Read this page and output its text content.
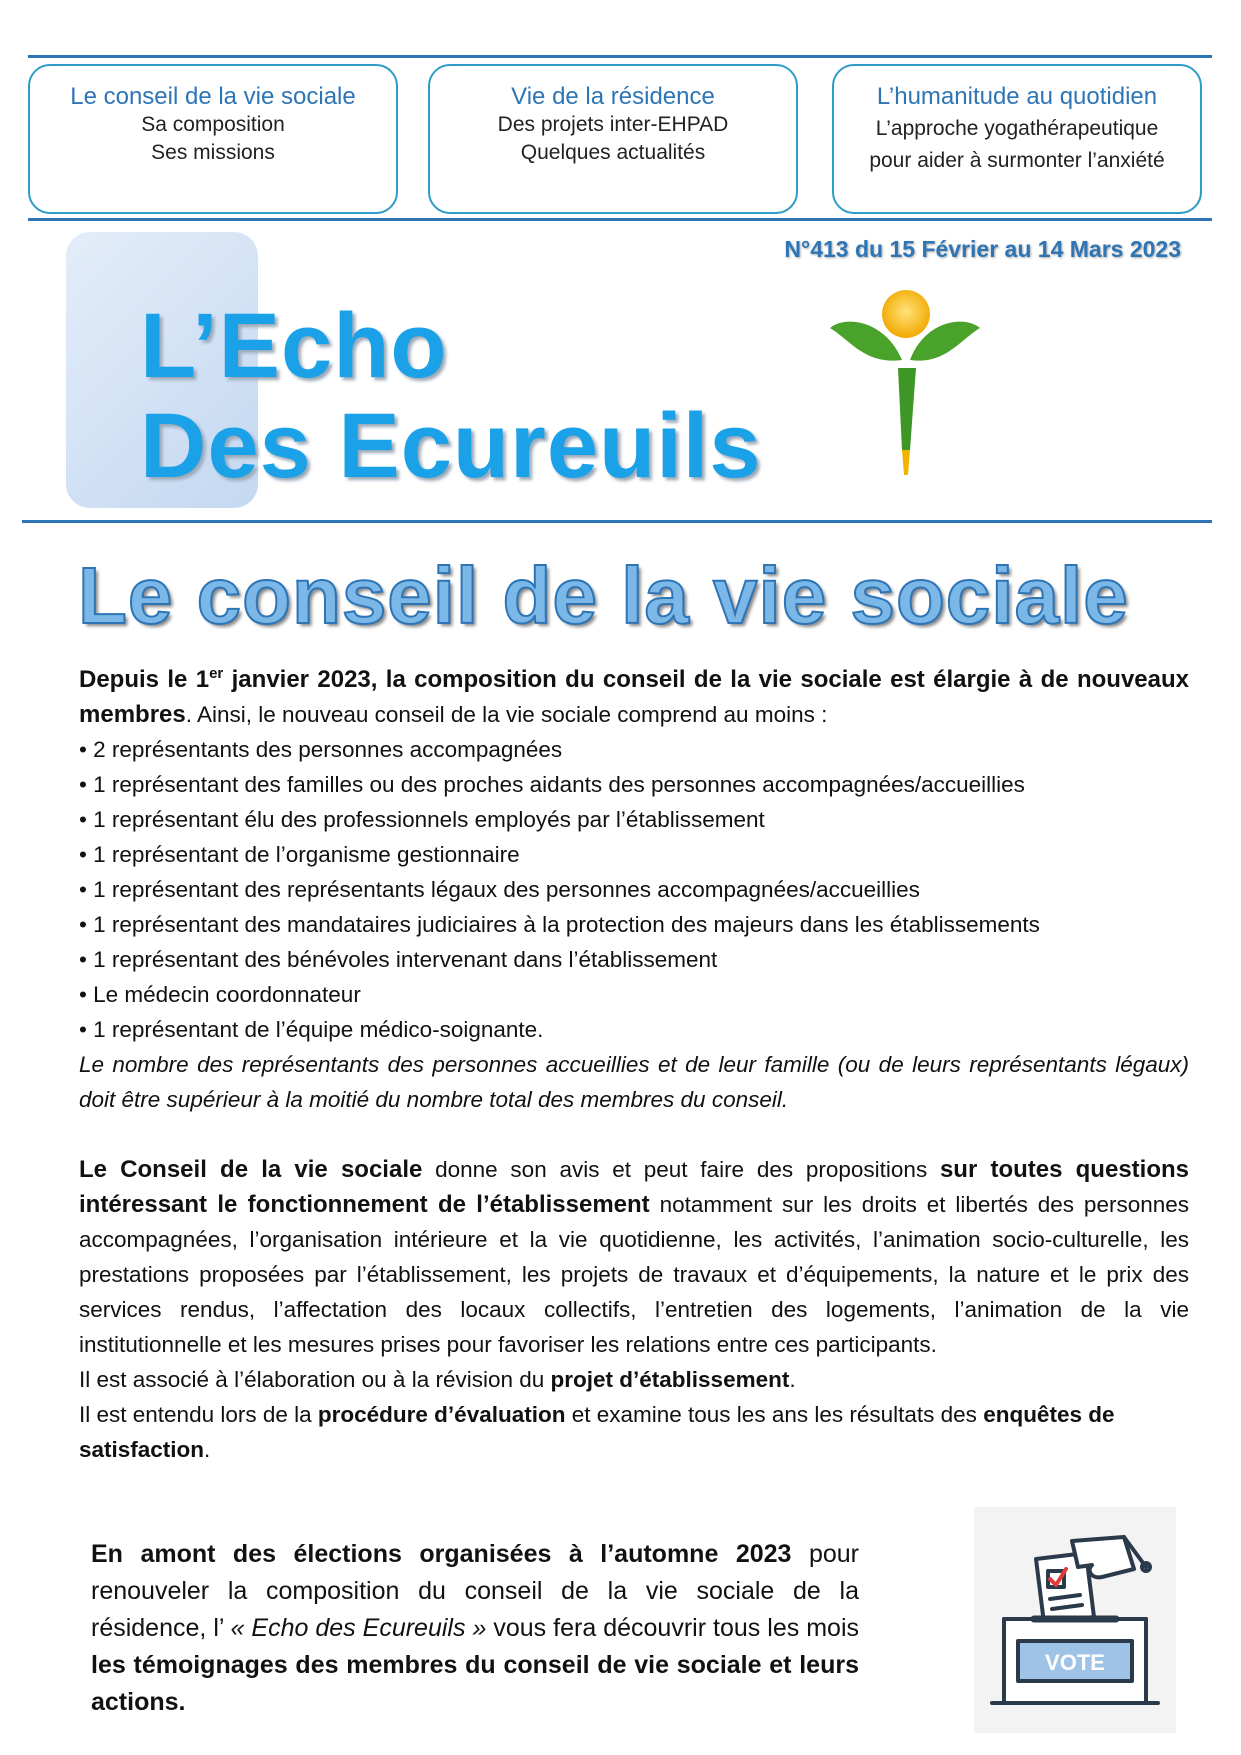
Le conseil de la vie sociale
Sa composition
Ses missions
Vie de la résidence
Des projets inter-EHPAD
Quelques actualités
L’humanitude au quotidien
L’approche yogathérapeutique
pour aider à surmonter l’anxiété
N°413 du 15 Février au 14 Mars 2023
L’Echo
Des Ecureuils
Le conseil de la vie sociale

Depuis le 1er janvier 2023, la composition du conseil de la vie sociale est élargie à de nouveaux membres. Ainsi, le nouveau conseil de la vie sociale comprend au moins :

• 2 représentants des personnes accompagnées
• 1 représentant des familles ou des proches aidants des personnes accompagnées/accueillies
• 1 représentant élu des professionnels employés par l’établissement
• 1 représentant de l’organisme gestionnaire
• 1 représentant des représentants légaux des personnes accompagnées/accueillies
• 1 représentant des mandataires judiciaires à la protection des majeurs dans les établissements
• 1 représentant des bénévoles intervenant dans l’établissement
• Le médecin coordonnateur
• 1 représentant de l’équipe médico-soignante.

Le nombre des représentants des personnes accueillies et de leur famille (ou de leurs représentants légaux) doit être supérieur à la moitié du nombre total des membres du conseil.

Le Conseil de la vie sociale donne son avis et peut faire des propositions sur toutes questions intéressant le fonctionnement de l’établissement notamment sur les droits et libertés des personnes accompagnées, l’organisation intérieure et la vie quotidienne, les activités, l’animation socio-culturelle, les prestations proposées par l’établissement, les projets de travaux et d’équipements, la nature et le prix des services rendus, l’affectation des locaux collectifs, l’entretien des logements, l’animation de la vie institutionnelle et les mesures prises pour favoriser les relations entre ces participants.

Il est associé à l’élaboration ou à la révision du projet d’établissement.

Il est entendu lors de la procédure d’évaluation et examine tous les ans les résultats des enquêtes de satisfaction.

En amont des élections organisées à l’automne 2023 pour renouveler la composition du conseil de la vie sociale de la résidence, l’ « Echo des Ecureuils » vous fera découvrir tous les mois les témoignages des membres du conseil de vie sociale et leurs actions.
VOTE
